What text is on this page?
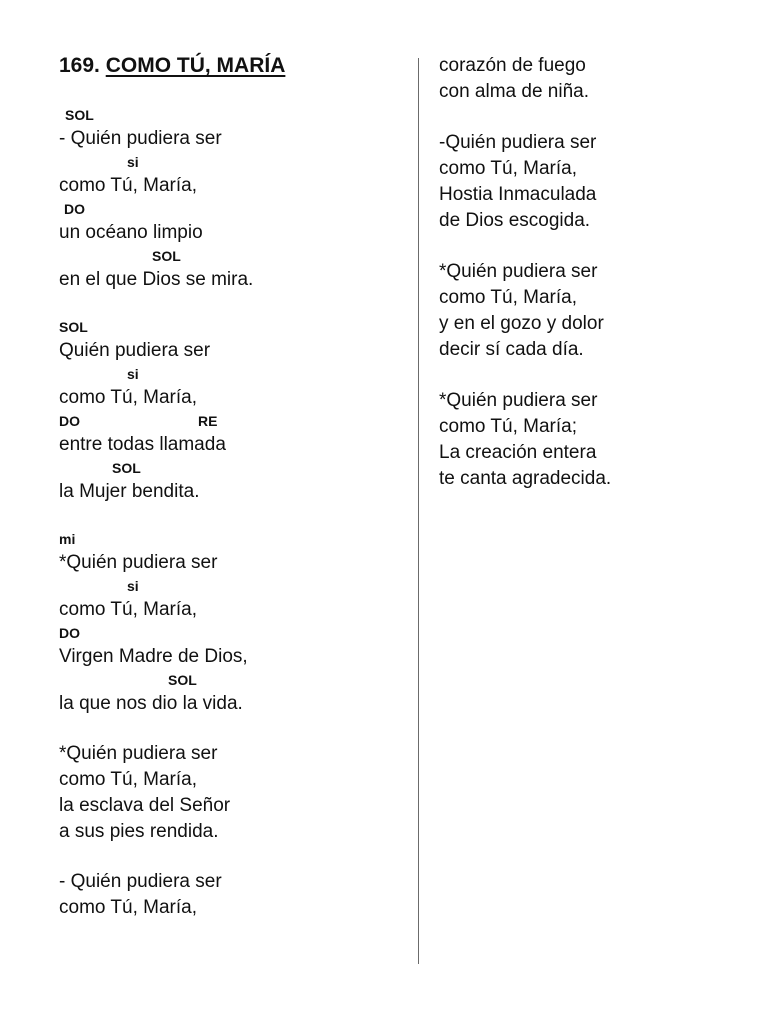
169. COMO TÚ, MARÍA
SOL
- Quién pudiera ser
si
como Tú, María,
DO
un océano limpio
SOL
en el que Dios se mira.
SOL
Quién pudiera ser
si
como Tú, María,
DO	RE
entre todas llamada
SOL
la Mujer bendita.
mi
*Quién pudiera ser
si
como Tú, María,
DO
Virgen Madre de Dios,
SOL
la que nos dio la vida.
*Quién pudiera ser
como Tú, María,
la esclava del Señor
a sus pies rendida.
- Quién pudiera ser
como Tú, María,
corazón de fuego
con alma de niña.
-Quién pudiera ser
como Tú, María,
Hostia Inmaculada
de Dios escogida.
*Quién pudiera ser
como Tú, María,
y en el gozo y dolor
decir sí cada día.
*Quién pudiera ser
como Tú, María;
La creación entera
te canta agradecida.
